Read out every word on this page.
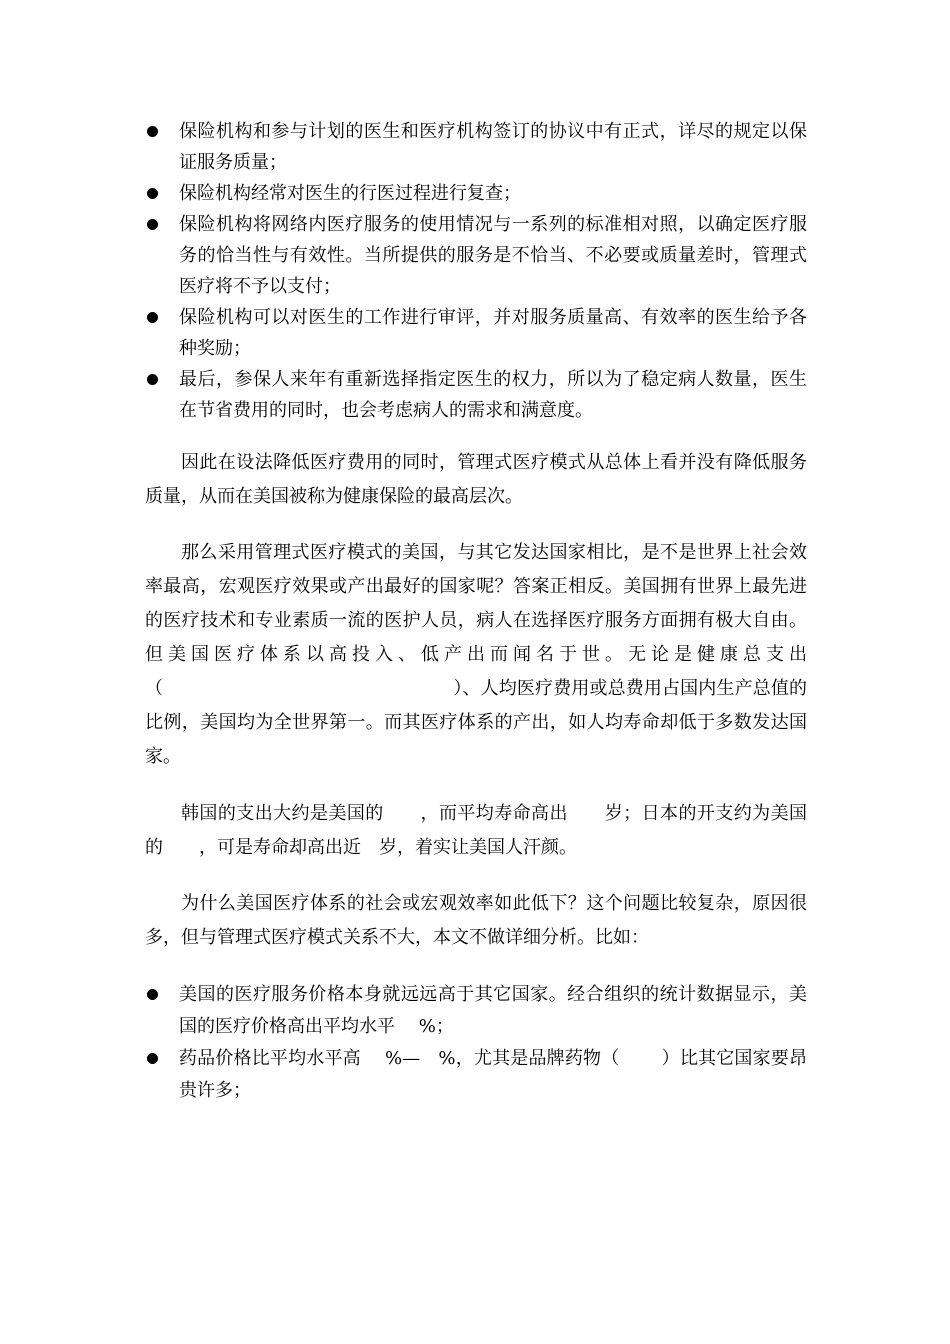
保险机构和参与计划的医生和医疗机构签订的协议中有正式，详尽的规定以保证服务质量；
保险机构经常对医生的行医过程进行复查；
保险机构将网络内医疗服务的使用情况与一系列的标准相对照，以确定医疗服务的恰当性与有效性。当所提供的服务是不恰当、不必要或质量差时，管理式医疗将不予以支付；
保险机构可以对医生的工作进行审评，并对服务质量高、有效率的医生给予各种奖励；
最后，参保人来年有重新选择指定医生的权力，所以为了稳定病人数量，医生在节省费用的同时，也会考虑病人的需求和满意度。

因此在设法降低医疗费用的同时，管理式医疗模式从总体上看并没有降低服务质量，从而在美国被称为健康保险的最高层次。

那么采用管理式医疗模式的美国，与其它发达国家相比，是不是世界上社会效率最高，宏观医疗效果或产出最好的国家呢？答案正相反。美国拥有世界上最先进的医疗技术和专业素质一流的医护人员，病人在选择医疗服务方面拥有极大自由。但美国医疗体系以高投入、低产出而闻名于世。无论是健康总支出（　　　　　　　　　　　　　　　　）、人均医疗费用或总费用占国内生产总值的比例，美国均为全世界第一。而其医疗体系的产出，如人均寿命却低于多数发达国家。

韩国的支出大约是美国的　　，而平均寿命高出　　岁；日本的开支约为美国的　　，可是寿命却高出近　岁，着实让美国人汗颜。

为什么美国医疗体系的社会或宏观效率如此低下？这个问题比较复杂，原因很多，但与管理式医疗模式关系不大，本文不做详细分析。比如：

美国的医疗服务价格本身就远远高于其它国家。经合组织的统计数据显示，美国的医疗价格高出平均水平　 %；
药品价格比平均水平高　 %—　%，尤其是品牌药物（　　 ）比其它国家要昂贵许多；
